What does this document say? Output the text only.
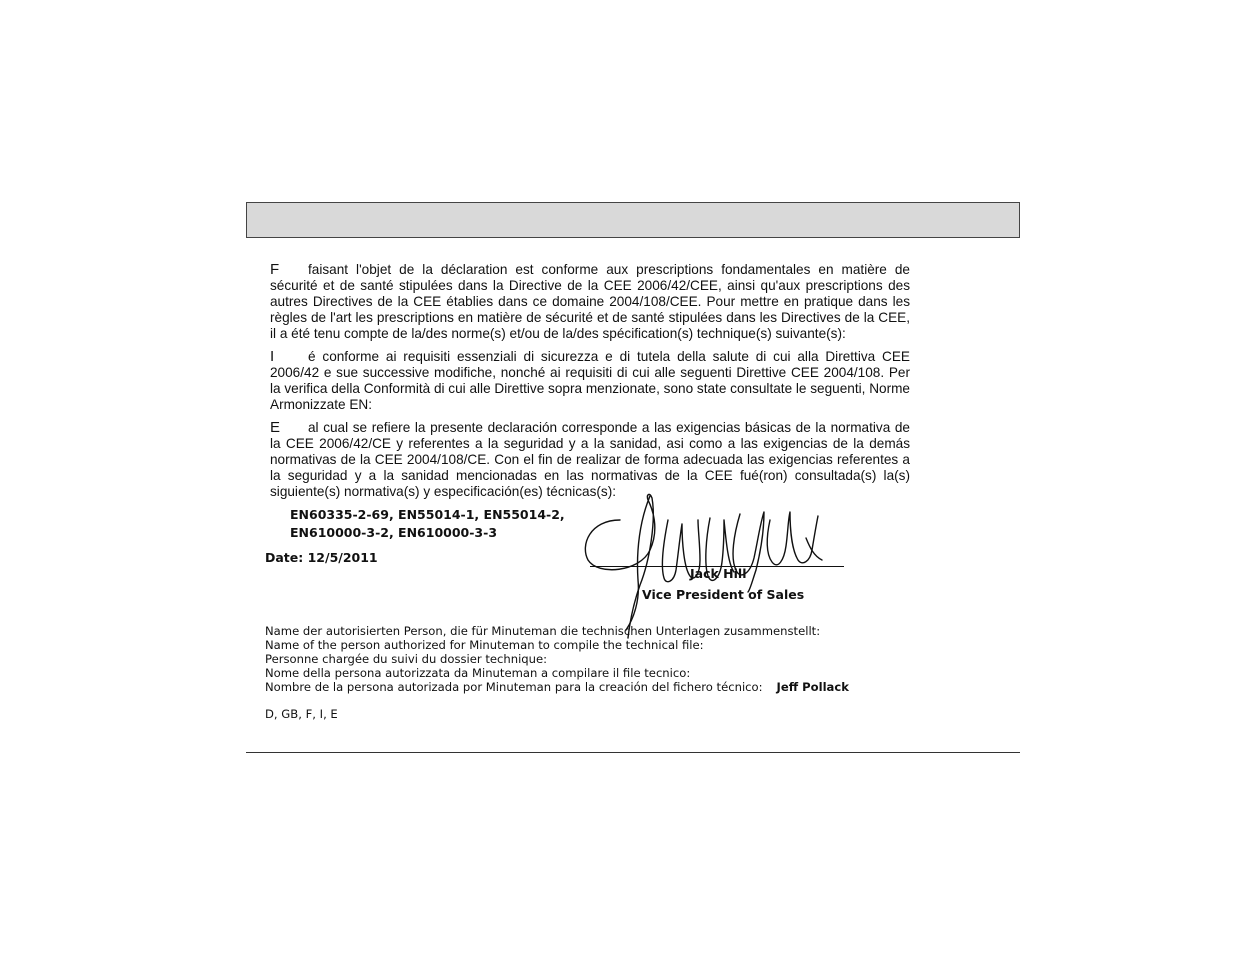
F faisant l'objet de la déclaration est conforme aux prescriptions fondamentales en matière de sécurité et de santé stipulées dans la Directive de la CEE 2006/42/CEE, ainsi qu'aux prescriptions des autres Directives de la CEE établies dans ce domaine 2004/108/CEE. Pour mettre en pratique dans les règles de l'art les prescriptions en matière de sécurité et de santé stipulées dans les Directives de la CEE, il a été tenu compte de la/des norme(s) et/ou de la/des spécification(s) technique(s) suivante(s):

I é conforme ai requisiti essenziali di sicurezza e di tutela della salute di cui alla Direttiva CEE 2006/42 e sue successive modifiche, nonché ai requisiti di cui alle seguenti Direttive CEE 2004/108. Per la verifica della Conformità di cui alle Direttive sopra menzionate, sono state consultate le seguenti, Norme Armonizzate EN:

E al cual se refiere la presente declaración corresponde a las exigencias básicas de la normativa de la CEE 2006/42/CE y referentes a la seguridad y a la sanidad, asi como a las exigencias de la demás normativas de la CEE 2004/108/CE. Con el fin de realizar de forma adecuada las exigencias referentes a la seguridad y a la sanidad mencionadas en las normativas de la CEE fué(ron) consultada(s) la(s) siguiente(s) normativa(s) y especificación(es) técnicas(s):

EN60335-2-69, EN55014-1, EN55014-2,
EN610000-3-2, EN610000-3-3
Date: 12/5/2011
Jack Hill
Vice President of Sales
Name der autorisierten Person, die für Minuteman die technischen Unterlagen zusammenstellt:
Name of the person authorized for Minuteman to compile the technical file:
Personne chargée du suivi du dossier technique:
Nome della persona autorizzata da Minuteman a compilare il file tecnico:
Nombre de la persona autorizada por Minuteman para la creación del fichero técnico: Jeff Pollack
D, GB, F, I, E
